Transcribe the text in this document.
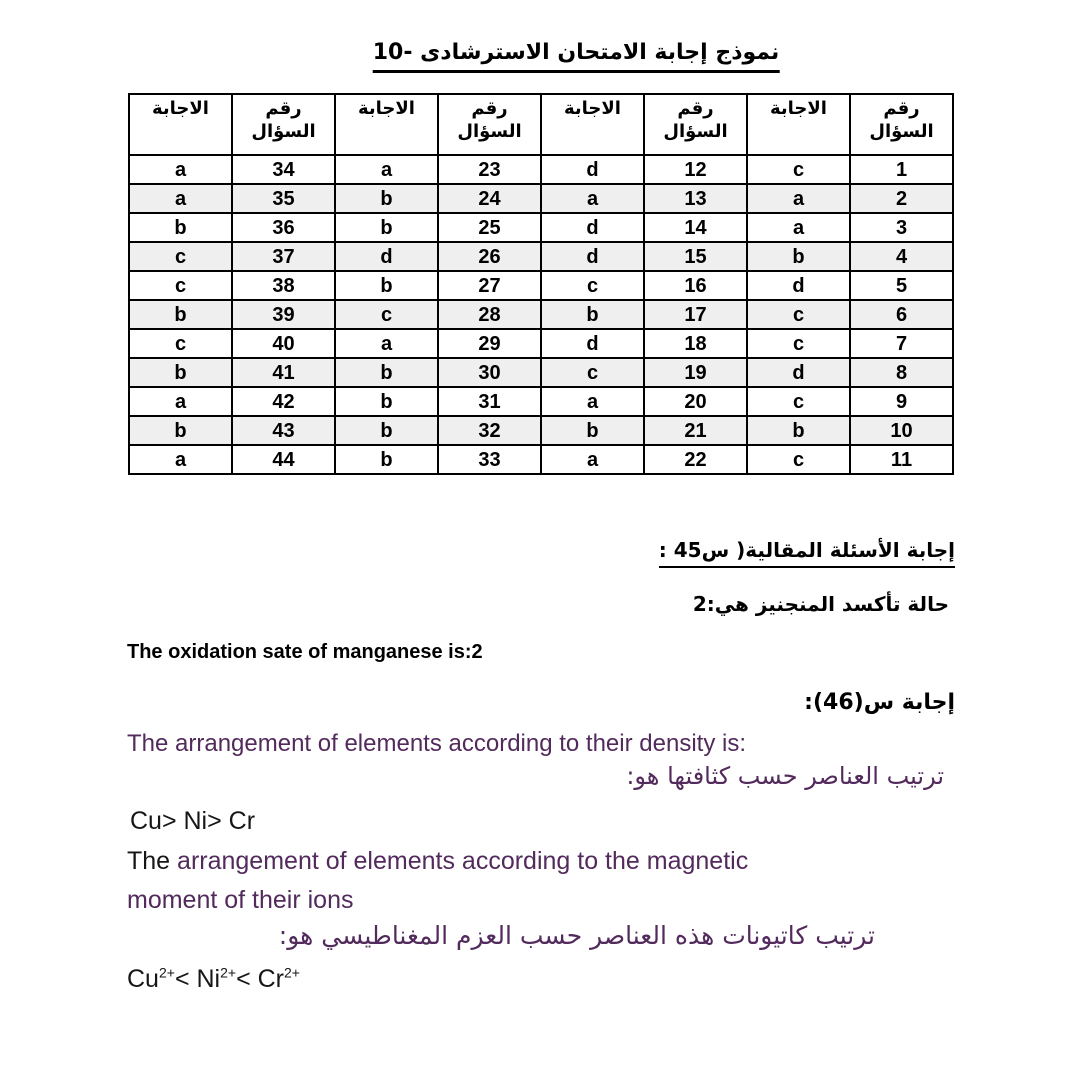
نموذج إجابة الامتحان الاسترشادى -10
الاجابة	رقم السؤال	الاجابة	رقم السؤال	الاجابة	رقم السؤال	الاجابة	رقم السؤال
a	34	a	23	d	12	c	1
a	35	b	24	a	13	a	2
b	36	b	25	d	14	a	3
c	37	d	26	d	15	b	4
c	38	b	27	c	16	d	5
b	39	c	28	b	17	c	6
c	40	a	29	d	18	c	7
b	41	b	30	c	19	d	8
a	42	b	31	a	20	c	9
b	43	b	32	b	21	b	10
a	44	b	33	a	22	c	11
إجابة الأسئلة المقالية( س45 :
حالة تأكسد المنجنيز هي:2
The oxidation sate of manganese is:2
إجابة س(46):
The arrangement of elements according to their density is:
ترتيب العناصر حسب كثافتها هو:
Cu> Ni> Cr
The arrangement of elements according to the magnetic
moment of their ions
ترتيب كاتيونات هذه العناصر حسب العزم المغناطيسي هو:
$Cu^{2+}< Ni^{2+}< Cr^{2+}$
